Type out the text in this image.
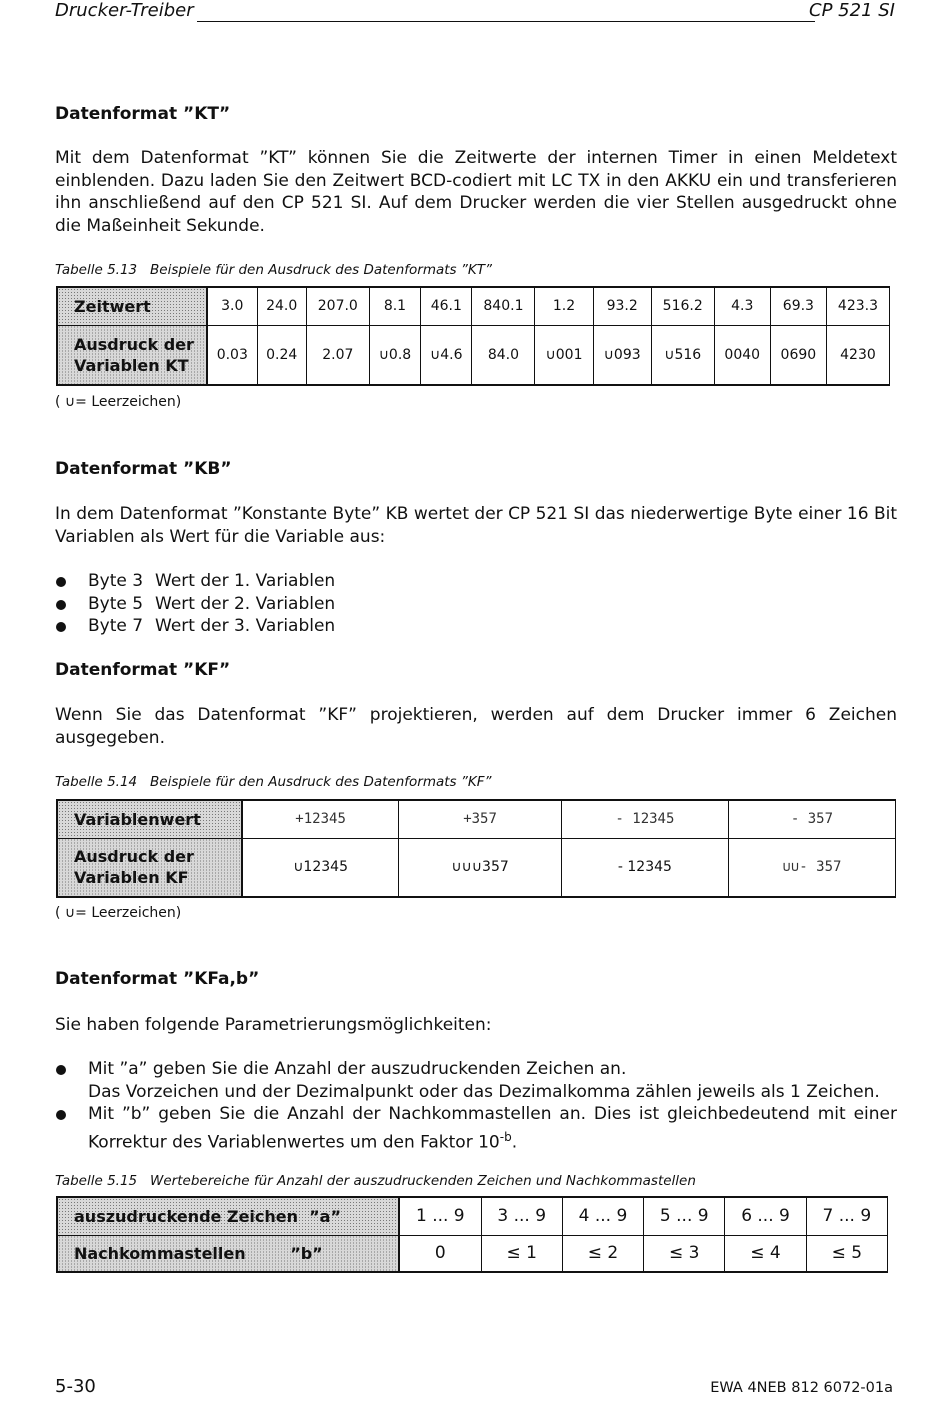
Drucker-Treiber	CP 521 SI
Datenformat ”KT”

Mit dem Datenformat ”KT” können Sie die Zeitwerte der internen Timer in einen Meldetext einblenden. Dazu laden Sie den Zeitwert BCD-codiert mit LC TX in den AKKU ein und transferieren ihn anschließend auf den CP 521 SI. Auf dem Drucker werden die vier Stellen ausgedruckt ohne die Maßeinheit Sekunde.

Tabelle 5.13 Beispiele für den Ausdruck des Datenformats ”KT”
Zeitwert	3.0	24.0	207.0	8.1	46.1	840.1	1.2	93.2	516.2	4.3	69.3	423.3
Ausdruck der Variablen KT	0.03	0.24	2.07	∪0.8	∪4.6	84.0	∪001	∪093	∪516	0040	0690	4230
( ∪= Leerzeichen)
Datenformat ”KB”

In dem Datenformat ”Konstante Byte” KB wertet der CP 521 SI das niederwertige Byte einer 16 Bit Variablen als Wert für die Variable aus:

Byte 3 Wert der 1. Variablen
Byte 5 Wert der 2. Variablen
Byte 7 Wert der 3. Variablen
Datenformat ”KF”

Wenn Sie das Datenformat ”KF” projektieren, werden auf dem Drucker immer 6 Zeichen ausgegeben.

Tabelle 5.14 Beispiele für den Ausdruck des Datenformats ”KF”
Variablenwert	+12345	+357	- 12345	- 357
Ausdruck der Variablen KF	∪12345	∪∪∪357	- 12345	∪∪- 357
( ∪= Leerzeichen)
Datenformat ”KFa,b”

Sie haben folgende Parametrierungsmöglichkeiten:

Mit ”a” geben Sie die Anzahl der auszudruckenden Zeichen an.
Das Vorzeichen und der Dezimalpunkt oder das Dezimalkomma zählen jeweils als 1 Zeichen.
Mit ”b” geben Sie die Anzahl der Nachkommastellen an. Dies ist gleichbedeutend mit einer Korrektur des Variablenwertes um den Faktor $10^{-b}$.
Tabelle 5.15 Wertebereiche für Anzahl der auszudruckenden Zeichen und Nachkommastellen
auszudruckende Zeichen  ”a”	1 ... 9	3 ... 9	4 ... 9	5 ... 9	6 ... 9	7 ... 9
Nachkommastellen        ”b”	0	≤ 1	≤ 2	≤ 3	≤ 4	≤ 5
5-30	EWA 4NEB 812 6072-01a
